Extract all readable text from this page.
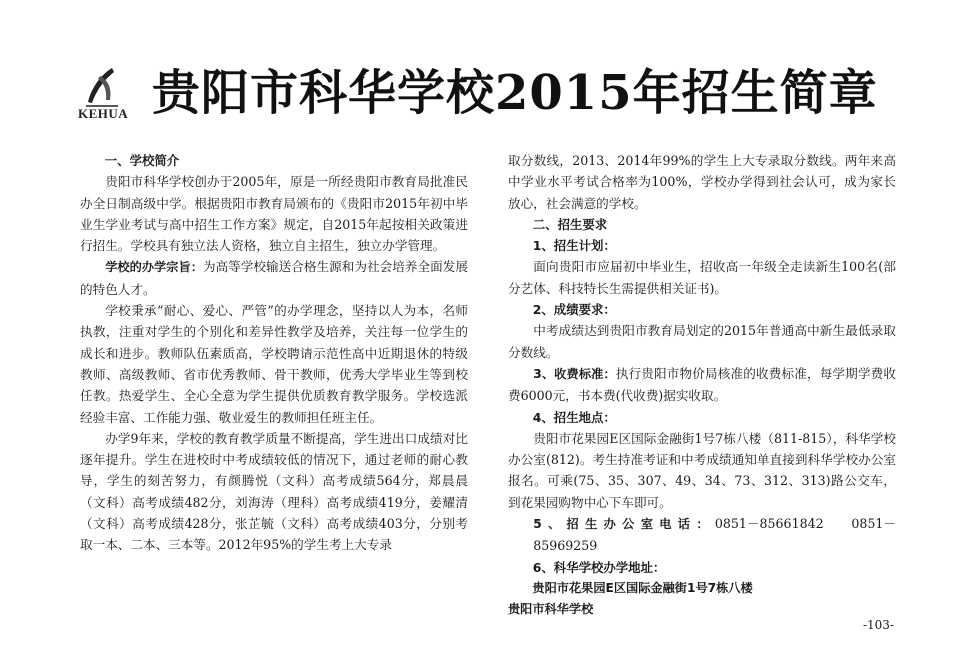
KEHUA 贵阳市科华学校2015年招生简章

一、学校简介

贵阳市科华学校创办于2005年，原是一所经贵阳市教育局批准民办全日制高级中学。根据贵阳市教育局颁布的《贵阳市2015年初中毕业生学业考试与高中招生工作方案》规定，自2015年起按相关政策进行招生。学校具有独立法人资格，独立自主招生，独立办学管理。

学校的办学宗旨：为高等学校输送合格生源和为社会培养全面发展的特色人才。

学校秉承“耐心、爱心、严管”的办学理念，坚持以人为本，名师执教，注重对学生的个别化和差异性教学及培养，关注每一位学生的成长和进步。教师队伍素质高，学校聘请示范性高中近期退休的特级教师、高级教师、省市优秀教师、骨干教师，优秀大学毕业生等到校任教。热爱学生、全心全意为学生提供优质教育教学服务。学校选派经验丰富、工作能力强、敬业爱生的教师担任班主任。

办学9年来，学校的教育教学质量不断提高，学生进出口成绩对比逐年提升。学生在进校时中考成绩较低的情况下，通过老师的耐心教导，学生的刻苦努力，有颜腾悦（文科）高考成绩564分，郑晨晨（文科）高考成绩482分，刘海涛（理科）高考成绩419分，姜耀清（文科）高考成绩428分，张芷毓（文科）高考成绩403分，分别考取一本、二本、三本等。2012年95%的学生考上大专录

取分数线，2013、2014年99%的学生上大专录取分数线。两年来高中学业水平考试合格率为100%，学校办学得到社会认可，成为家长放心，社会满意的学校。

二、招生要求

1、招生计划：

面向贵阳市应届初中毕业生，招收高一年级全走读新生100名(部分艺体、科技特长生需提供相关证书)。

2、成绩要求：

中考成绩达到贵阳市教育局划定的2015年普通高中新生最低录取分数线。

3、收费标准：执行贵阳市物价局核准的收费标准，每学期学费收费6000元，书本费(代收费)据实收取。

4、招生地点：

贵阳市花果园E区国际金融街1号7栋八楼（811-815），科华学校办公室(812)。考生持准考证和中考成绩通知单直接到科华学校办公室报名。可乘(75、35、307、49、34、73、312、313)路公交车，到花果园购物中心下车即可。

5、招生办公室电话：0851－85661842 0851－85969259

6、科华学校办学地址：

贵阳市花果园E区国际金融街1号7栋八楼

贵阳市科华学校

-103-
